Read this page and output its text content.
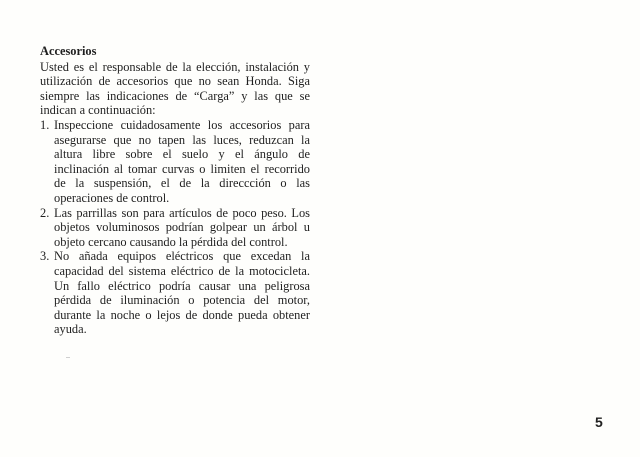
Accesorios

Usted es el responsable de la elección, instalación y utilización de accesorios que no sean Honda. Siga siempre las indicaciones de “Carga” y las que se indican a continuación:

1. Inspeccione cuidadosamente los accesorios para asegurarse que no tapen las luces, reduzcan la altura libre sobre el suelo y el ángulo de inclinación al tomar curvas o limiten el recorrido de la suspensión, el de la direccción o las operaciones de control.
2. Las parrillas son para artículos de poco peso. Los objetos voluminosos podrían golpear un árbol u objeto cercano causando la pérdida del control.
3. No añada equipos eléctricos que excedan la capacidad del sistema eléctrico de la motocicleta. Un fallo eléctrico podría causar una peligrosa pérdida de iluminación o potencia del motor, durante la noche o lejos de donde pueda obtener ayuda.
5
